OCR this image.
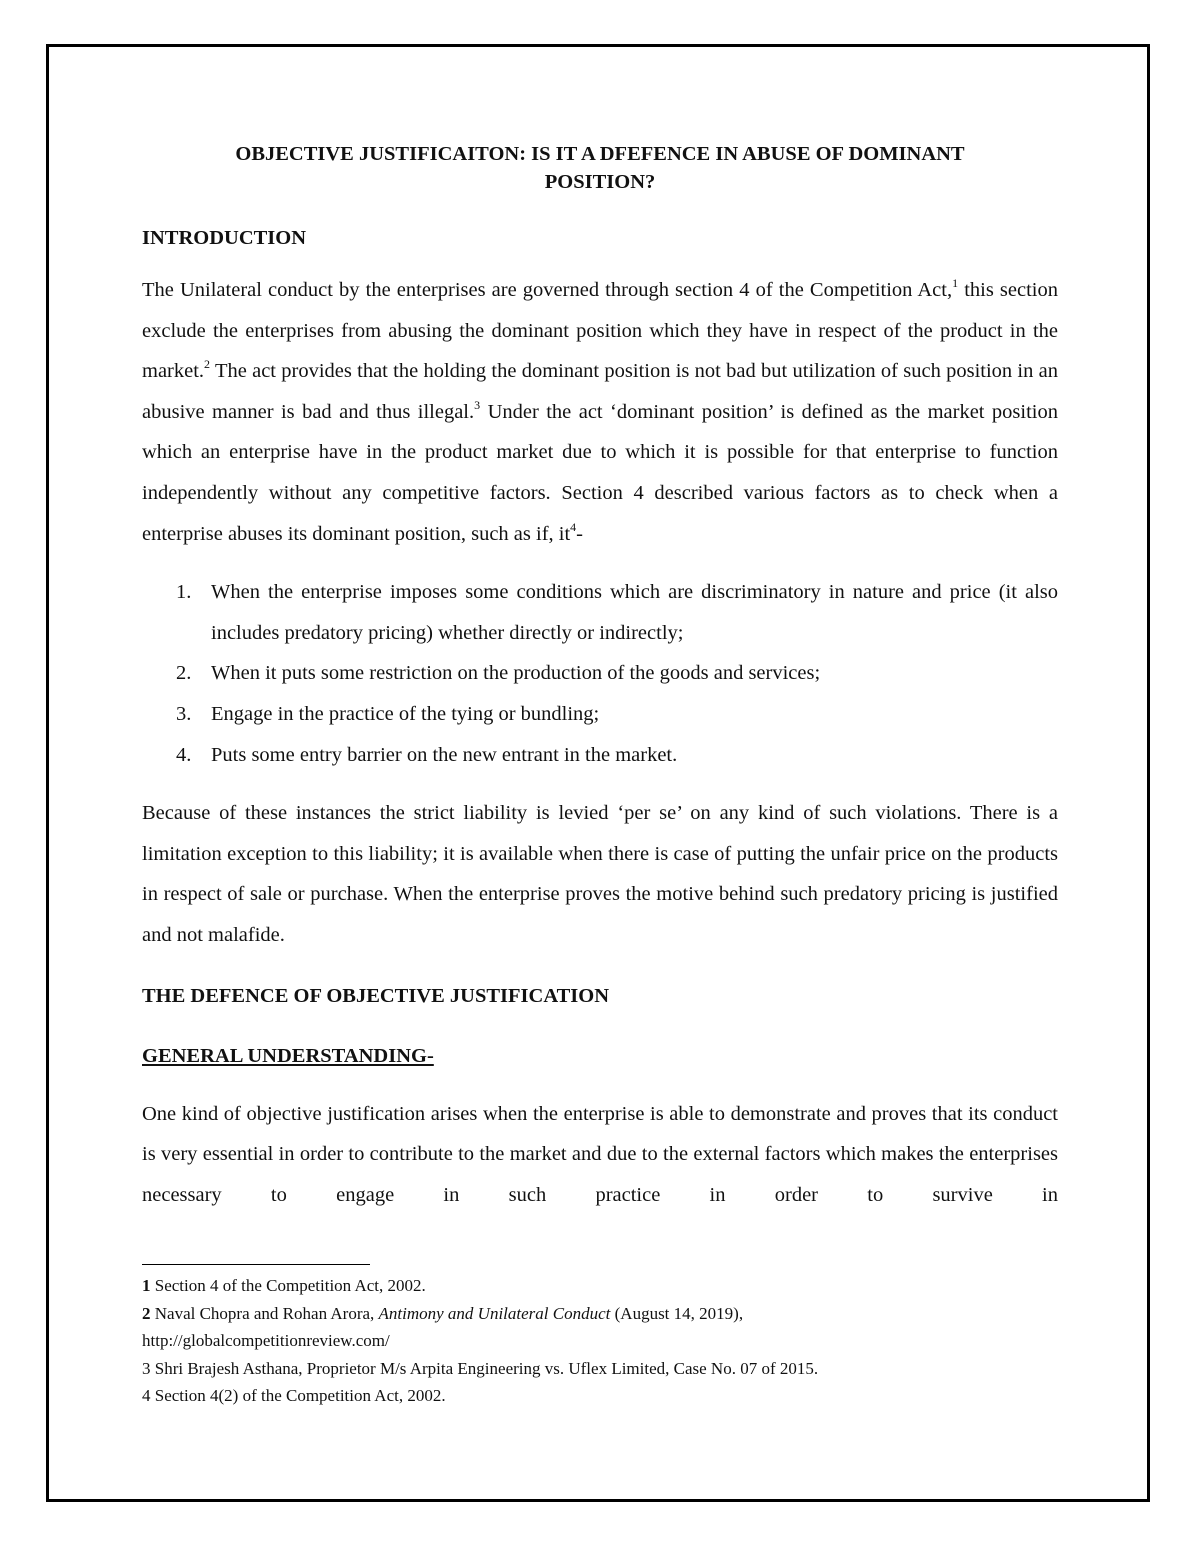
OBJECTIVE JUSTIFICAITON: IS IT A DFEFENCE IN ABUSE OF DOMINANT
POSITION?
INTRODUCTION

The Unilateral conduct by the enterprises are governed through section 4 of the Competition Act,$^1$ this section exclude the enterprises from abusing the dominant position which they have in respect of the product in the market.$^2$ The act provides that the holding the dominant position is not bad but utilization of such position in an abusive manner is bad and thus illegal.$^3$ Under the act ‘dominant position’ is defined as the market position which an enterprise have in the product market due to which it is possible for that enterprise to function independently without any competitive factors. Section 4 described various factors as to check when a enterprise abuses its dominant position, such as if, $it^4-$

1. When the enterprise imposes some conditions which are discriminatory in nature and price (it also includes predatory pricing) whether directly or indirectly;
2. When it puts some restriction on the production of the goods and services;
3. Engage in the practice of the tying or bundling;
4. Puts some entry barrier on the new entrant in the market.

Because of these instances the strict liability is levied ‘per se’ on any kind of such violations. There is a limitation exception to this liability; it is available when there is case of putting the unfair price on the products in respect of sale or purchase. When the enterprise proves the motive behind such predatory pricing is justified and not malafide.

THE DEFENCE OF OBJECTIVE JUSTIFICATION
GENERAL UNDERSTANDING-

One kind of objective justification arises when the enterprise is able to demonstrate and proves that its conduct is very essential in order to contribute to the market and due to the external factors which makes the enterprises necessary to engage in such practice in order to survive in

1 Section 4 of the Competition Act, 2002.

2 Naval Chopra and Rohan Arora, Antimony and Unilateral Conduct (August 14, 2019),
http://globalcompetitionreview.com/

3 Shri Brajesh Asthana, Proprietor M/s Arpita Engineering vs. Uflex Limited, Case No. 07 of 2015.

4 Section 4(2) of the Competition Act, 2002.
